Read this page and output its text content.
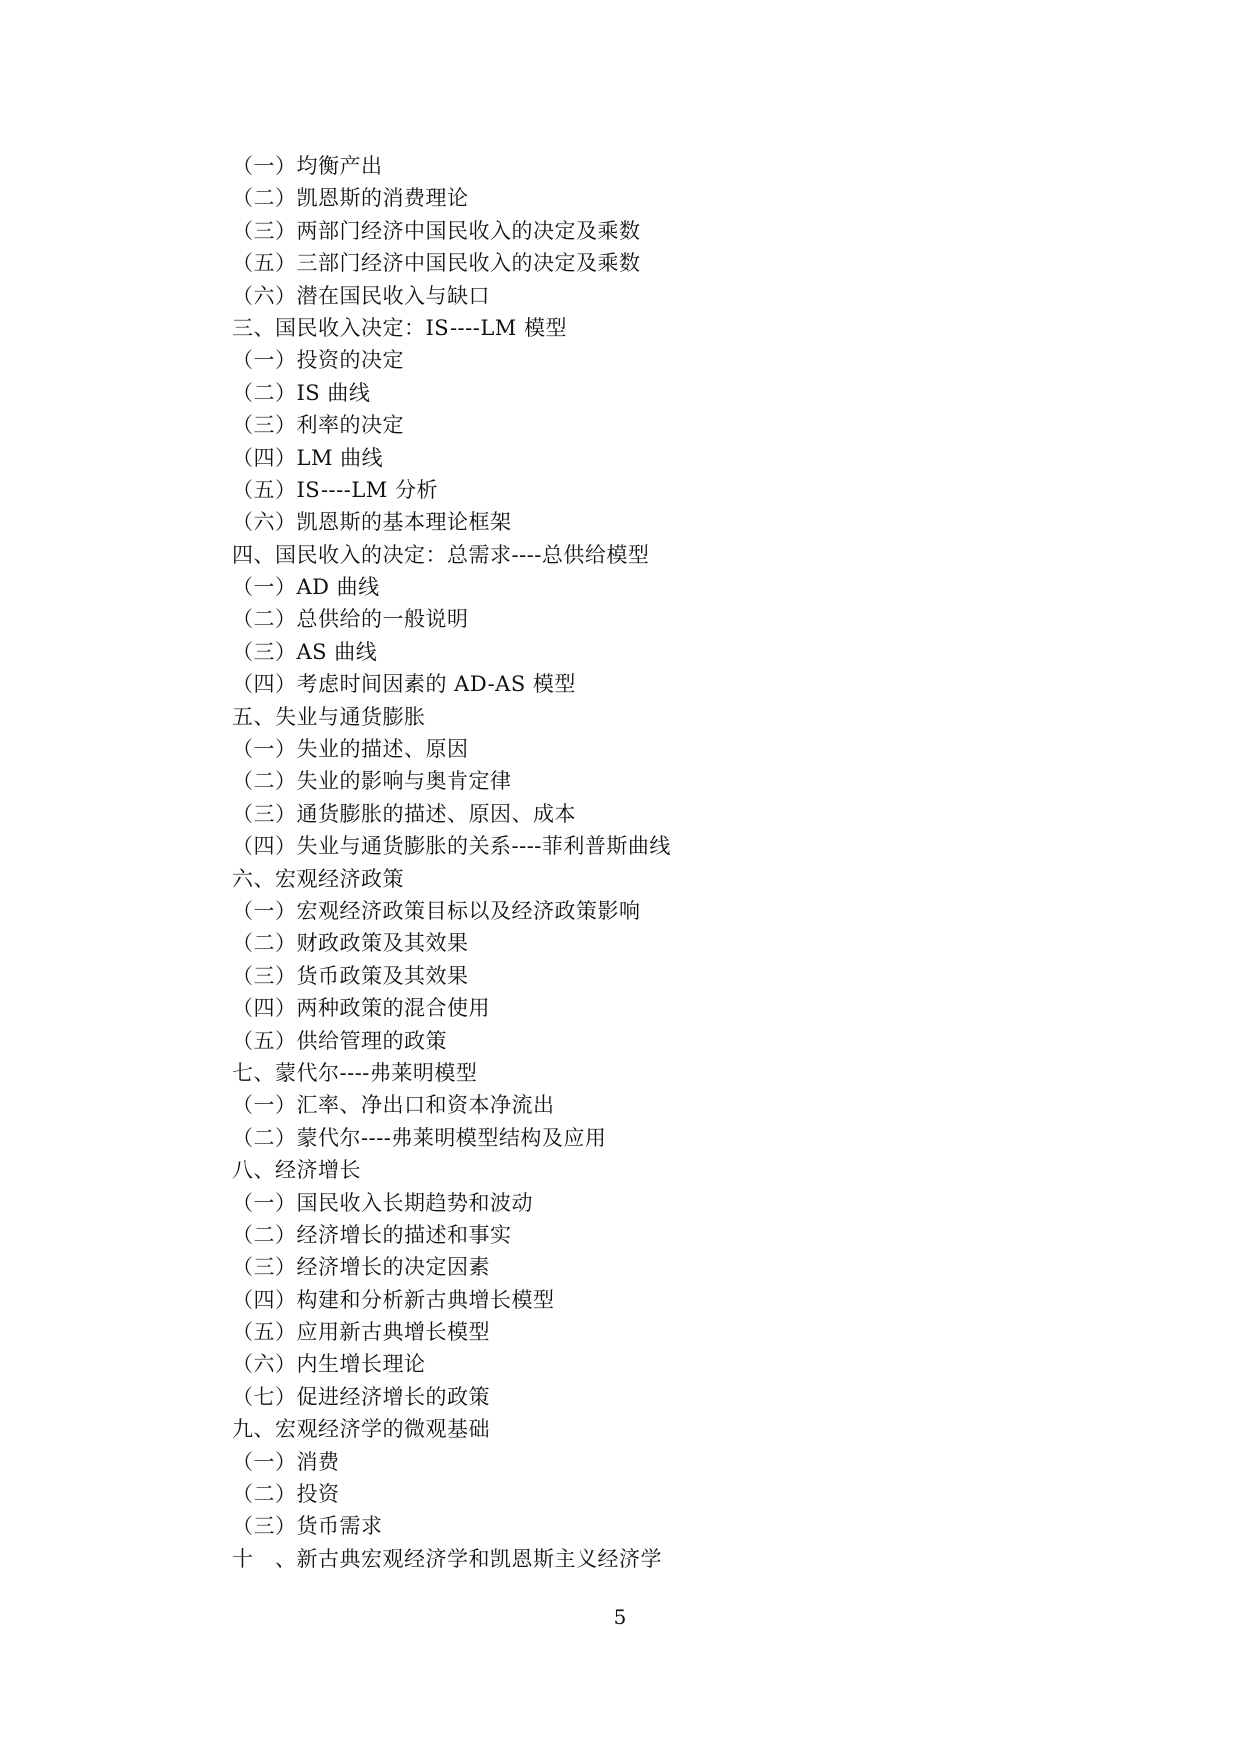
（一）均衡产出
（二）凯恩斯的消费理论
（三）两部门经济中国民收入的决定及乘数
（五）三部门经济中国民收入的决定及乘数
（六）潜在国民收入与缺口
三、国民收入决定：IS----LM 模型
（一）投资的决定
（二）IS 曲线
（三）利率的决定
（四）LM 曲线
（五）IS----LM 分析
（六）凯恩斯的基本理论框架
四、国民收入的决定：总需求----总供给模型
（一）AD 曲线
（二）总供给的一般说明
（三）AS 曲线
（四）考虑时间因素的 AD-AS 模型
五、失业与通货膨胀
（一）失业的描述、原因
（二）失业的影响与奥肯定律
（三）通货膨胀的描述、原因、成本
（四）失业与通货膨胀的关系----菲利普斯曲线
六、宏观经济政策
（一）宏观经济政策目标以及经济政策影响
（二）财政政策及其效果
（三）货币政策及其效果
（四）两种政策的混合使用
（五）供给管理的政策
七、蒙代尔----弗莱明模型
（一）汇率、净出口和资本净流出
（二）蒙代尔----弗莱明模型结构及应用
八、经济增长
（一）国民收入长期趋势和波动
（二）经济增长的描述和事实
（三）经济增长的决定因素
（四）构建和分析新古典增长模型
（五）应用新古典增长模型
（六）内生增长理论
（七）促进经济增长的政策
九、宏观经济学的微观基础
（一）消费
（二）投资
（三）货币需求
十　、新古典宏观经济学和凯恩斯主义经济学
5
